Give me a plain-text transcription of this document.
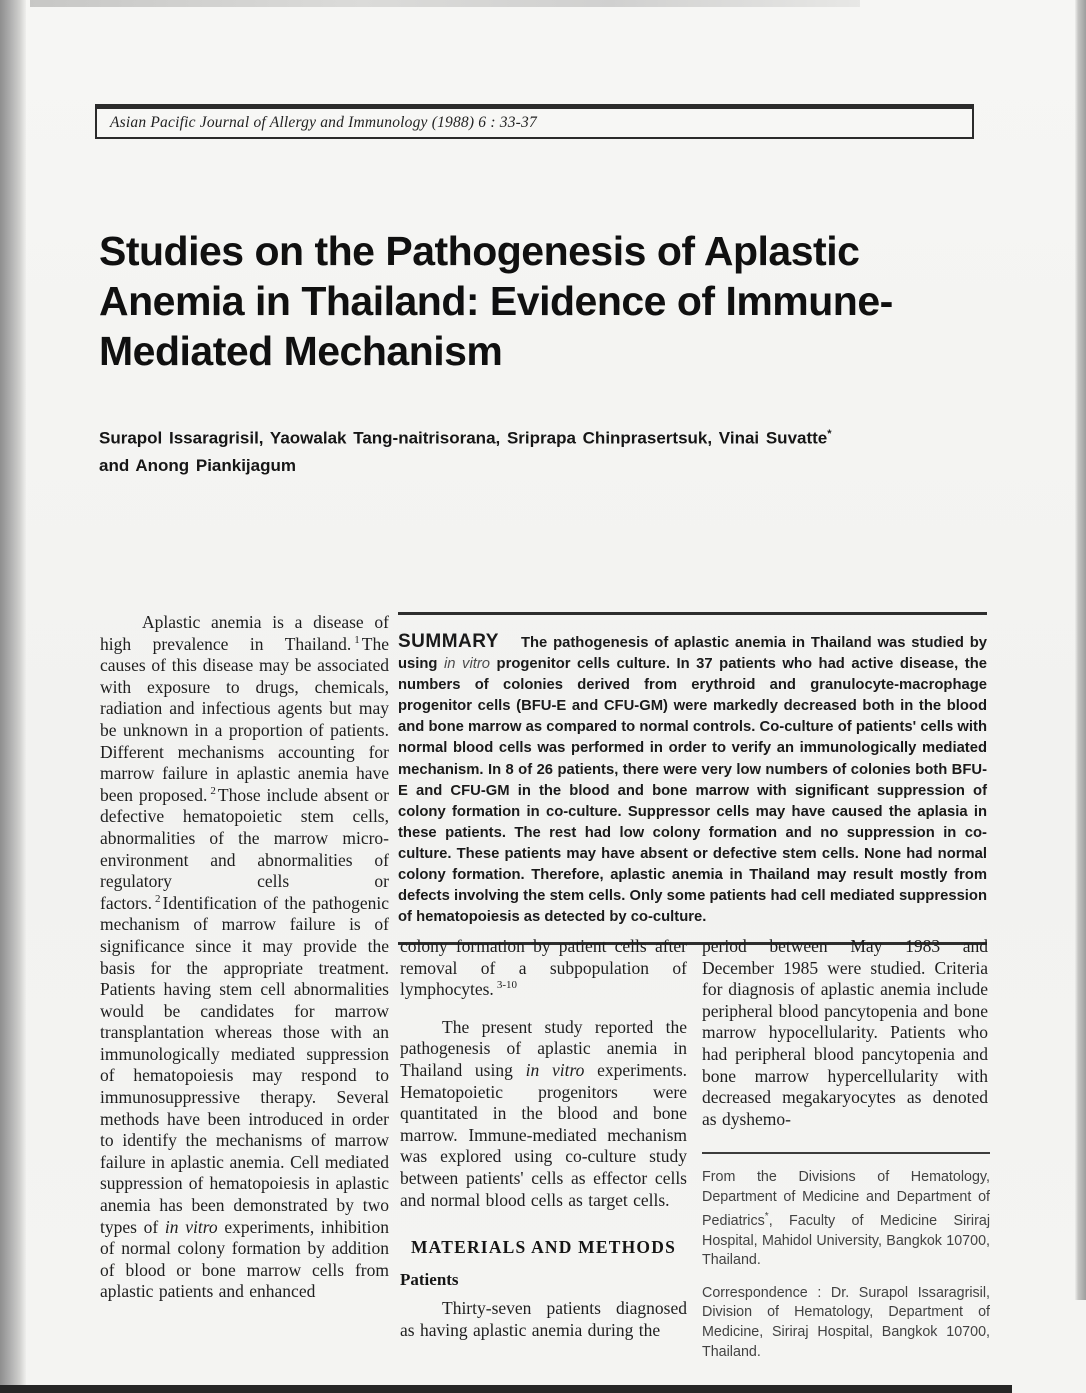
Asian Pacific Journal of Allergy and Immunology (1988) 6 : 33-37
Studies on the Pathogenesis of Aplastic
Anemia in Thailand: Evidence of Immune-
Mediated Mechanism
Surapol Issaragrisil, Yaowalak Tang-naitrisorana, Sriprapa Chinprasertsuk, Vinai Suvatte*
and Anong Piankijagum

Aplastic anemia is a disease of high prevalence in Thailand. $^1$ The causes of this disease may be associated with exposure to drugs, chemicals, radiation and infectious agents but may be unknown in a proportion of patients. Different mechanisms accounting for marrow failure in aplastic anemia have been proposed. $^2$ Those include absent or defective hematopoietic stem cells, abnormalities of the marrow micro-environment and abnormalities of regulatory cells or factors. $^2$ Identification of the pathogenic mechanism of marrow failure is of significance since it may provide the basis for the appropriate treatment. Patients having stem cell abnormalities would be candidates for marrow transplantation whereas those with an immunologically mediated suppression of hematopoiesis may respond to immunosuppressive therapy. Several methods have been introduced in order to identify the mechanisms of marrow failure in aplastic anemia. Cell mediated suppression of hematopoiesis in aplastic anemia has been demonstrated by two types of in vitro experiments, inhibition of normal colony formation by addition of blood or bone marrow cells from aplastic patients and enhanced

SUMMARY The pathogenesis of aplastic anemia in Thailand was studied by using in vitro progenitor cells culture. In 37 patients who had active disease, the numbers of colonies derived from erythroid and granulocyte-macrophage progenitor cells (BFU-E and CFU-GM) were markedly decreased both in the blood and bone marrow as compared to normal controls. Co-culture of patients' cells with normal blood cells was performed in order to verify an immunologically mediated mechanism. In 8 of 26 patients, there were very low numbers of colonies both BFU-E and CFU-GM in the blood and bone marrow with significant suppression of colony formation in co-culture. Suppressor cells may have caused the aplasia in these patients. The rest had low colony formation and no suppression in co-culture. These patients may have absent or defective stem cells. None had normal colony formation. Therefore, aplastic anemia in Thailand may result mostly from defects involving the stem cells. Only some patients had cell mediated suppression of hematopoiesis as detected by co-culture.

colony formation by patient cells after removal of a subpopulation of lymphocytes. $^{3-10}$

The present study reported the pathogenesis of aplastic anemia in Thailand using in vitro experiments. Hematopoietic progenitors were quantitated in the blood and bone marrow. Immune-mediated mechanism was explored using co-culture study between patients' cells as effector cells and normal blood cells as target cells.

MATERIALS AND METHODS
Patients

Thirty-seven patients diagnosed as having aplastic anemia during the

period between May 1983 and December 1985 were studied. Criteria for diagnosis of aplastic anemia include peripheral blood pancytopenia and bone marrow hypocellularity. Patients who had peripheral blood pancytopenia and bone marrow hypercellularity with decreased megakaryocytes as denoted as dyshemo-

From the Divisions of Hematology, Department of Medicine and Department of Pediatrics*, Faculty of Medicine Siriraj Hospital, Mahidol University, Bangkok 10700, Thailand.

Correspondence : Dr. Surapol Issaragrisil, Division of Hematology, Department of Medicine, Siriraj Hospital, Bangkok 10700, Thailand.
